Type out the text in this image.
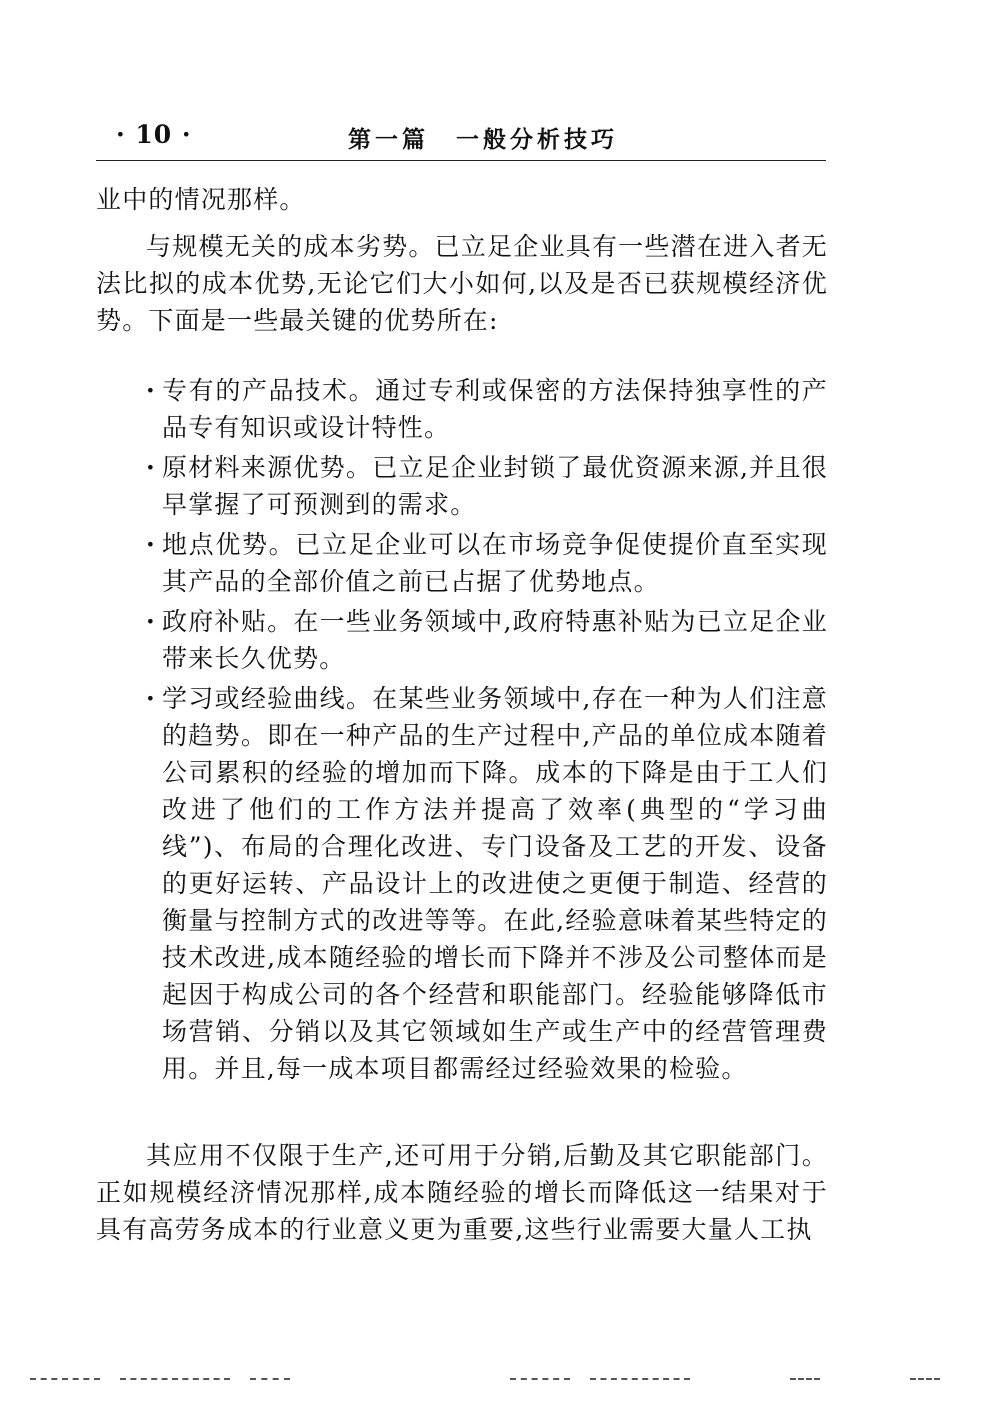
· 10 ·	第一篇　一般分析技巧
业中的情况那样。
与规模无关的成本劣势。已立足企业具有一些潜在进入者无法比拟的成本优势,无论它们大小如何,以及是否已获规模经济优势。下面是一些最关键的优势所在:
· 专有的产品技术。通过专利或保密的方法保持独享性的产品专有知识或设计特性。
· 原材料来源优势。已立足企业封锁了最优资源来源,并且很早掌握了可预测到的需求。
· 地点优势。已立足企业可以在市场竞争促使提价直至实现其产品的全部价值之前已占据了优势地点。
· 政府补贴。在一些业务领域中,政府特惠补贴为已立足企业带来长久优势。
· 学习或经验曲线。在某些业务领域中,存在一种为人们注意的趋势。即在一种产品的生产过程中,产品的单位成本随着公司累积的经验的增加而下降。成本的下降是由于工人们改进了他们的工作方法并提高了效率(典型的“学习曲线”)、布局的合理化改进、专门设备及工艺的开发、设备的更好运转、产品设计上的改进使之更便于制造、经营的衡量与控制方式的改进等等。在此,经验意味着某些特定的技术改进,成本随经验的增长而下降并不涉及公司整体而是起因于构成公司的各个经营和职能部门。经验能够降低市场营销、分销以及其它领域如生产或生产中的经营管理费用。并且,每一成本项目都需经过经验效果的检验。
其应用不仅限于生产,还可用于分销,后勤及其它职能部门。正如规模经济情况那样,成本随经验的增长而降低这一结果对于具有高劳务成本的行业意义更为重要,这些行业需要大量人工执
